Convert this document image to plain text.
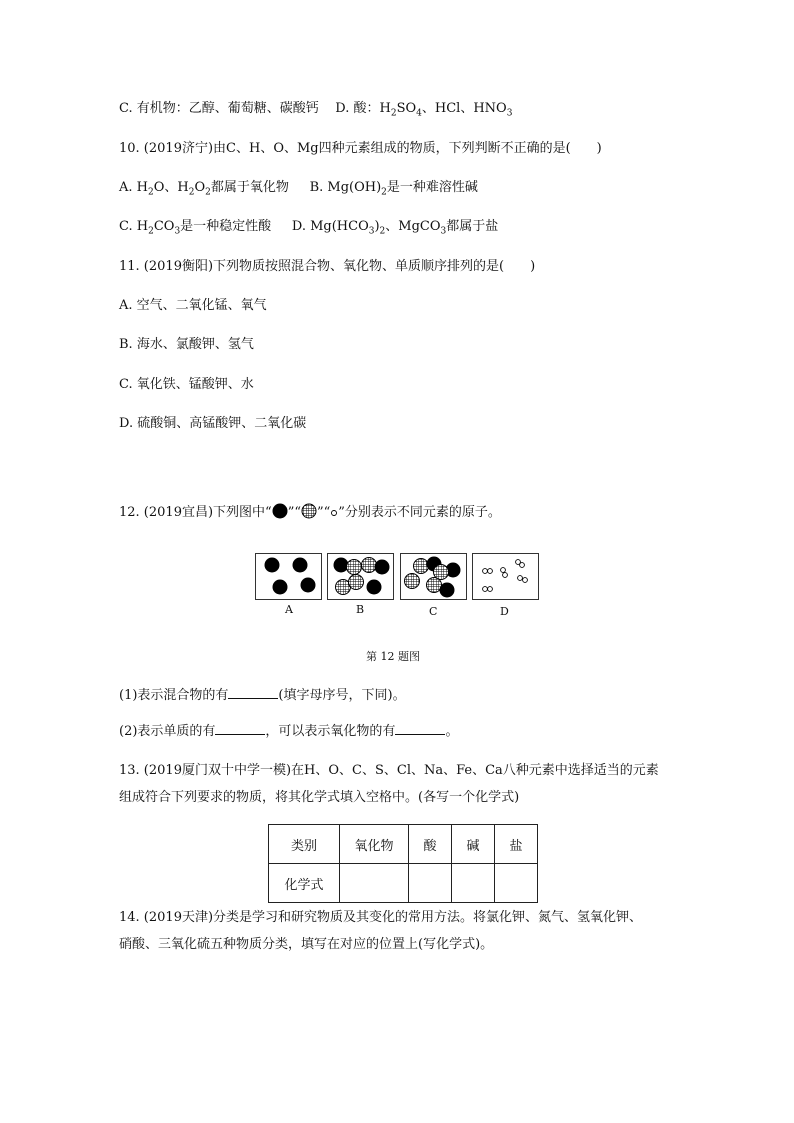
C. 有机物：乙醇、葡萄糖、碳酸钙 D. 酸：$H_2SO_4$、HCl、$HNO_3$
10. (2019济宁)由C、H、O、Mg四种元素组成的物质，下列判断不正确的是(　　)
A. $H_2O$、$H_2O_2$都属于氧化物 B. $Mg(OH)_2$是一种难溶性碱
C. $H_2CO_3$是一种稳定性酸 D. $Mg(HCO_3)_2$、MgCO$_3$都属于盐
11. (2019衡阳)下列物质按照混合物、氧化物、单质顺序排列的是(　　)
A. 空气、二氧化锰、氧气
B. 海水、氯酸钾、氢气
C. 氧化铁、锰酸钾、水
D. 硫酸铜、高锰酸钾、二氧化碳
12. (2019宜昌)下列图中“ ”“ ”“ ”分别表示不同元素的原子。
A	B	C	D
第 12 题图
(1)表示混合物的有	(填字母序号，下同)。
(2)表示单质的有	，可以表示氧化物的有	。
13. (2019厦门双十中学一模)在H、O、C、S、Cl、Na、Fe、Ca八种元素中选择适当的元素
组成符合下列要求的物质，将其化学式填入空格中。(各写一个化学式)
类别	氧化物	酸	碱	盐
化学式				
14. (2019天津)分类是学习和研究物质及其变化的常用方法。将氯化钾、氮气、氢氧化钾、
硝酸、三氧化硫五种物质分类，填写在对应的位置上(写化学式)。
